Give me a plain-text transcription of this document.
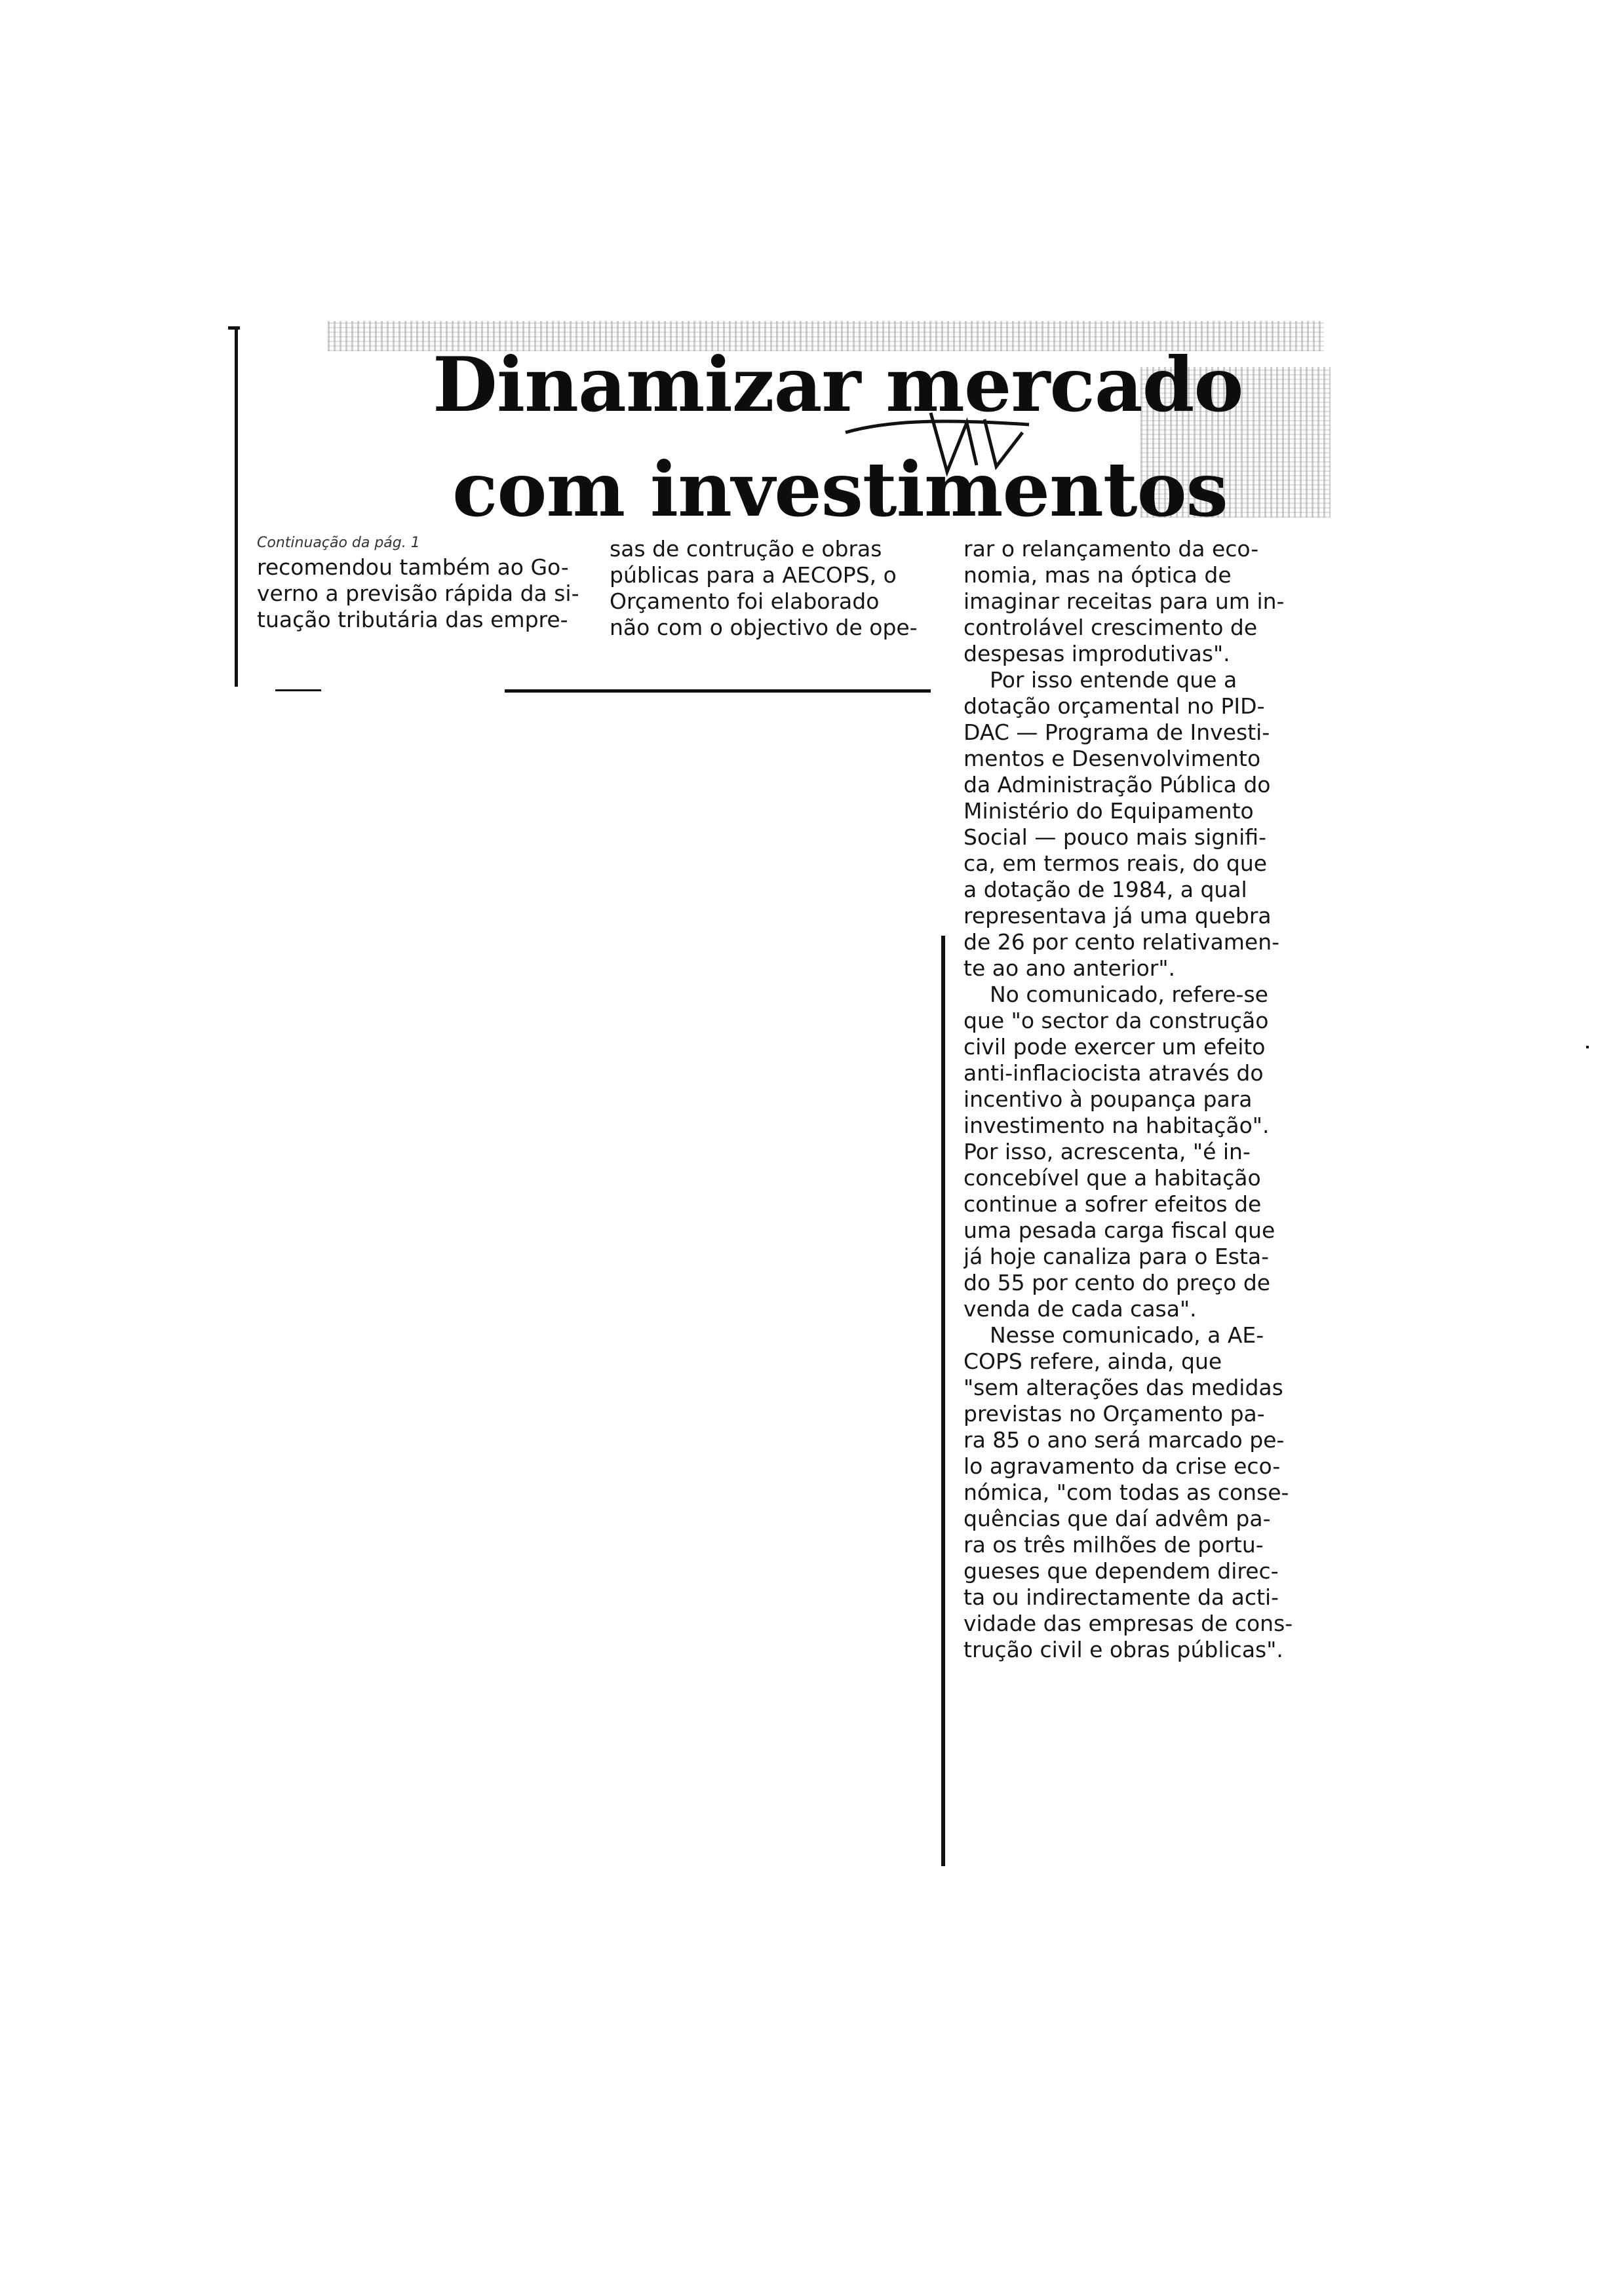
Dinamizar mercado
com investimentos
Continuação da pág. 1
recomendou também ao Go-
verno a previsão rápida da si-
tuação tributária das empre-
sas de contrução e obras
públicas para a AECOPS, o
Orçamento foi elaborado
não com o objectivo de ope-
rar o relançamento da eco-
nomia, mas na óptica de
imaginar receitas para um in-
controlável crescimento de
despesas improdutivas".
Por isso entende que a
dotação orçamental no PID-
DAC — Programa de Investi-
mentos e Desenvolvimento
da Administração Pública do
Ministério do Equipamento
Social — pouco mais signifi-
ca, em termos reais, do que
a dotação de 1984, a qual
representava já uma quebra
de 26 por cento relativamen-
te ao ano anterior".
No comunicado, refere-se
que "o sector da construção
civil pode exercer um efeito
anti-inflaciocista através do
incentivo à poupança para
investimento na habitação".
Por isso, acrescenta, "é in-
concebível que a habitação
continue a sofrer efeitos de
uma pesada carga fiscal que
já hoje canaliza para o Esta-
do 55 por cento do preço de
venda de cada casa".
Nesse comunicado, a AE-
COPS refere, ainda, que
"sem alterações das medidas
previstas no Orçamento pa-
ra 85 o ano será marcado pe-
lo agravamento da crise eco-
nómica, "com todas as conse-
quências que daí advêm pa-
ra os três milhões de portu-
gueses que dependem direc-
ta ou indirectamente da acti-
vidade das empresas de cons-
trução civil e obras públicas".
